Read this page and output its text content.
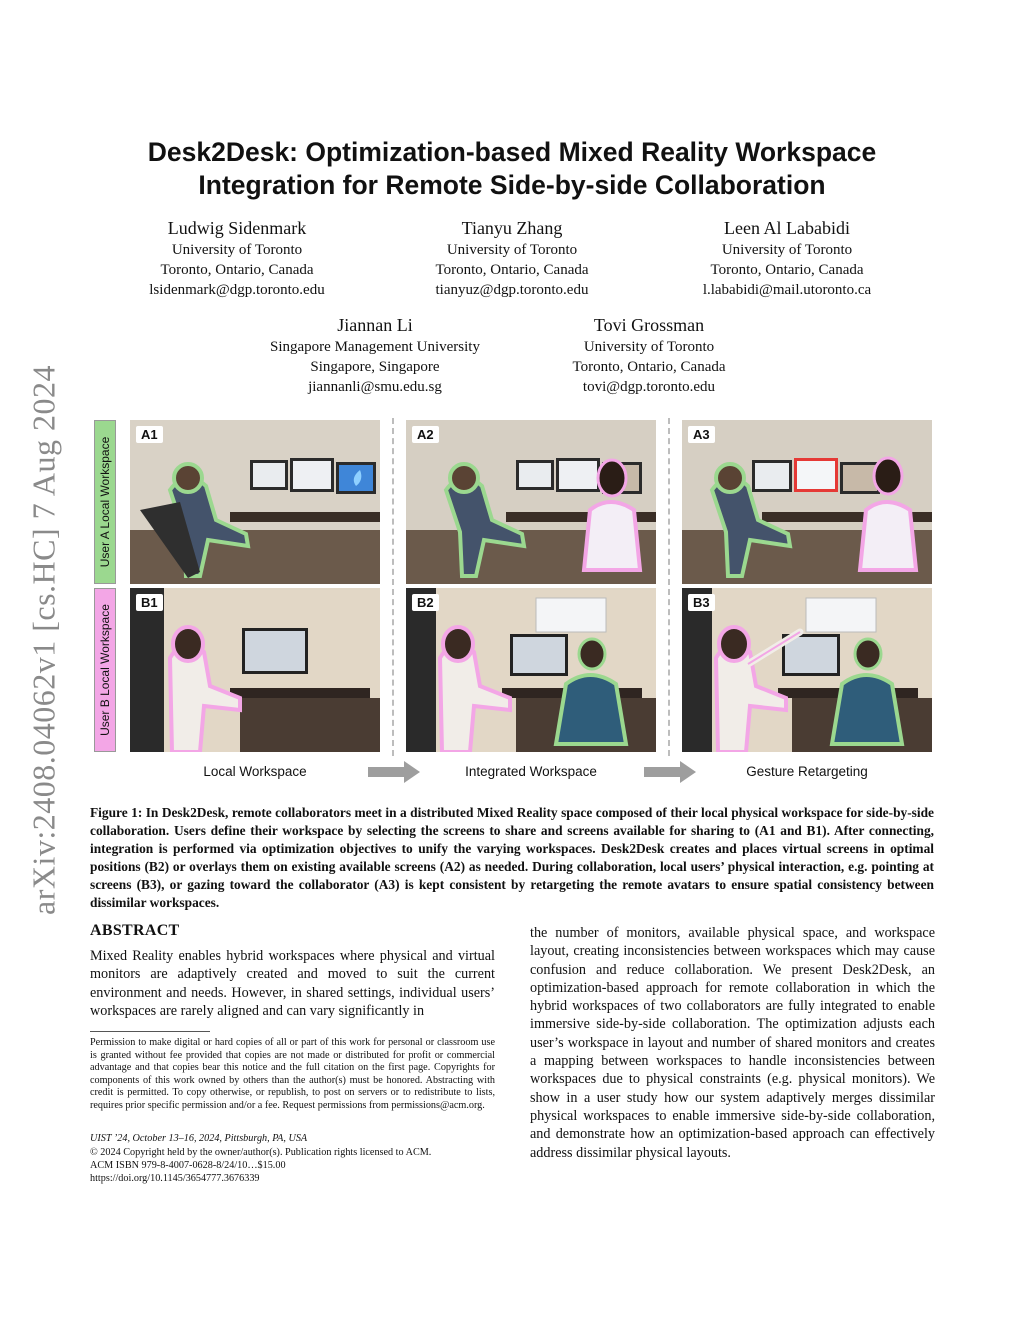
arXiv:2408.04062v1 [cs.HC] 7 Aug 2024
Desk2Desk: Optimization-based Mixed Reality Workspace
Integration for Remote Side-by-side Collaboration
Ludwig Sidenmark
University of Toronto
Toronto, Ontario, Canada
lsidenmark@dgp.toronto.edu
Tianyu Zhang
University of Toronto
Toronto, Ontario, Canada
tianyuz@dgp.toronto.edu
Leen Al Lababidi
University of Toronto
Toronto, Ontario, Canada
l.lababidi@mail.utoronto.ca
Jiannan Li
Singapore Management University
Singapore, Singapore
jiannanli@smu.edu.sg
Tovi Grossman
University of Toronto
Toronto, Ontario, Canada
tovi@dgp.toronto.edu
User A Local Workspace
User B Local Workspace
A1	A2	A3
B1	B2	B3
Local Workspace	Integrated Workspace	Gesture Retargeting
Figure 1: In Desk2Desk, remote collaborators meet in a distributed Mixed Reality space composed of their local physical workspace for side-by-side collaboration. Users define their workspace by selecting the screens to share and screens available for sharing to (A1 and B1). After connecting, integration is performed via optimization objectives to unify the varying workspaces. Desk2Desk creates and places virtual screens in optimal positions (B2) or overlays them on existing available screens (A2) as needed. During collaboration, local users’ physical interaction, e.g. pointing at screens (B3), or gazing toward the collaborator (A3) is kept consistent by retargeting the remote avatars to ensure spatial consistency between dissimilar workspaces.
ABSTRACT
Mixed Reality enables hybrid workspaces where physical and virtual monitors are adaptively created and moved to suit the current environment and needs. However, in shared settings, individual users’ workspaces are rarely aligned and can vary significantly in
the number of monitors, available physical space, and workspace layout, creating inconsistencies between workspaces which may cause confusion and reduce collaboration. We present Desk2Desk, an optimization-based approach for remote collaboration in which the hybrid workspaces of two collaborators are fully integrated to enable immersive side-by-side collaboration. The optimization adjusts each user’s workspace in layout and number of shared monitors and creates a mapping between workspaces to handle inconsistencies between workspaces due to physical constraints (e.g. physical monitors). We show in a user study how our system adaptively merges dissimilar physical workspaces to enable immersive side-by-side collaboration, and demonstrate how an optimization-based approach can effectively address dissimilar physical layouts.
Permission to make digital or hard copies of all or part of this work for personal or classroom use is granted without fee provided that copies are not made or distributed for profit or commercial advantage and that copies bear this notice and the full citation on the first page. Copyrights for components of this work owned by others than the author(s) must be honored. Abstracting with credit is permitted. To copy otherwise, or republish, to post on servers or to redistribute to lists, requires prior specific permission and/or a fee. Request permissions from permissions@acm.org.
UIST ’24, October 13–16, 2024, Pittsburgh, PA, USA
© 2024 Copyright held by the owner/author(s). Publication rights licensed to ACM.
ACM ISBN 979-8-4007-0628-8/24/10…$15.00
https://doi.org/10.1145/3654777.3676339
